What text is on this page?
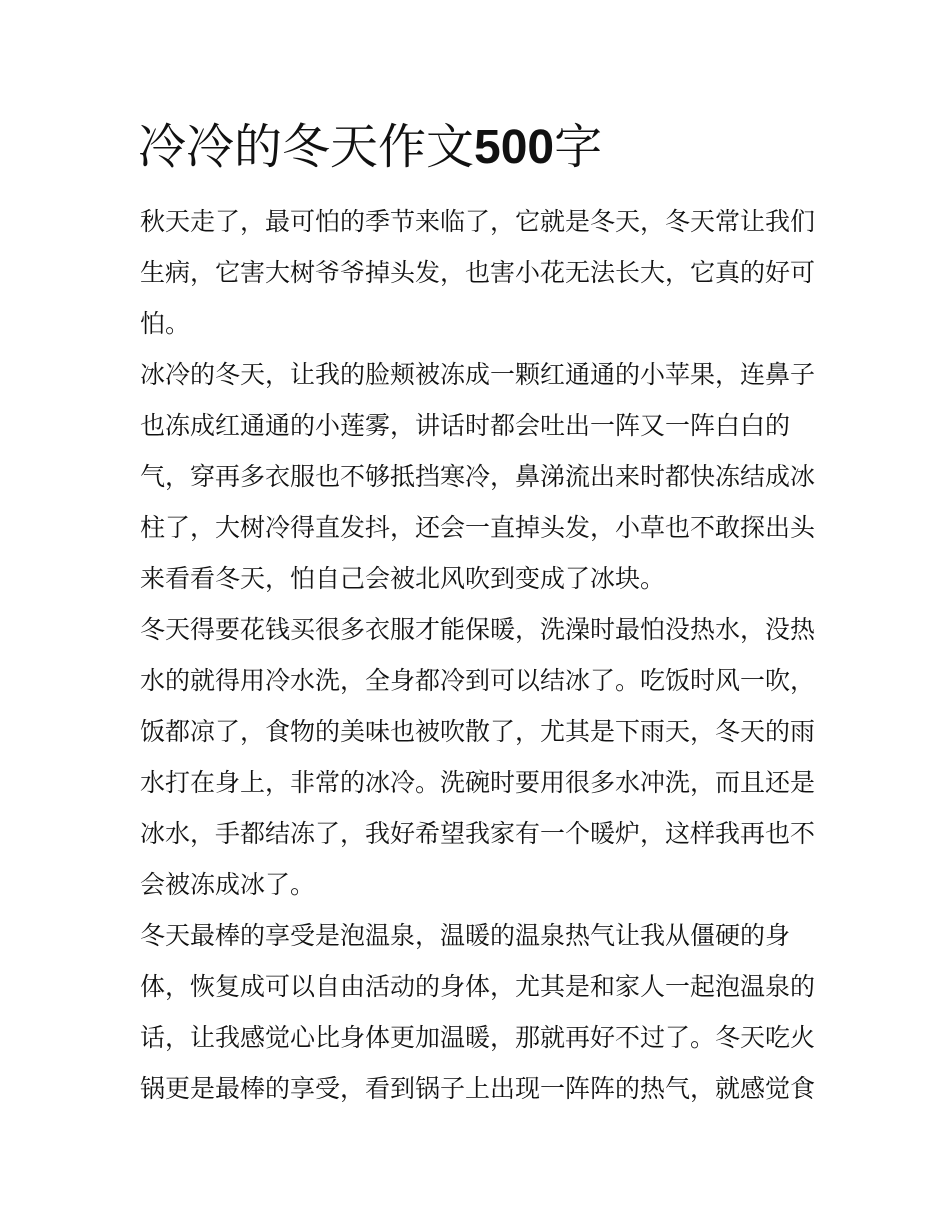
冷冷的冬天作文500字
秋天走了，最可怕的季节来临了，它就是冬天，冬天常让我们
生病，它害大树爷爷掉头发，也害小花无法长大，它真的好可
怕。
冰冷的冬天，让我的脸颊被冻成一颗红通通的小苹果，连鼻子
也冻成红通通的小莲雾，讲话时都会吐出一阵又一阵白白的
气，穿再多衣服也不够抵挡寒冷，鼻涕流出来时都快冻结成冰
柱了，大树冷得直发抖，还会一直掉头发，小草也不敢探出头
来看看冬天，怕自己会被北风吹到变成了冰块。
冬天得要花钱买很多衣服才能保暖，洗澡时最怕没热水，没热
水的就得用冷水洗，全身都冷到可以结冰了。吃饭时风一吹，
饭都凉了，食物的美味也被吹散了，尤其是下雨天，冬天的雨
水打在身上，非常的冰冷。洗碗时要用很多水冲洗，而且还是
冰水，手都结冻了，我好希望我家有一个暖炉，这样我再也不
会被冻成冰了。
冬天最棒的享受是泡温泉，温暖的温泉热气让我从僵硬的身
体，恢复成可以自由活动的身体，尤其是和家人一起泡温泉的
话，让我感觉心比身体更加温暖，那就再好不过了。冬天吃火
锅更是最棒的享受，看到锅子上出现一阵阵的热气，就感觉食
